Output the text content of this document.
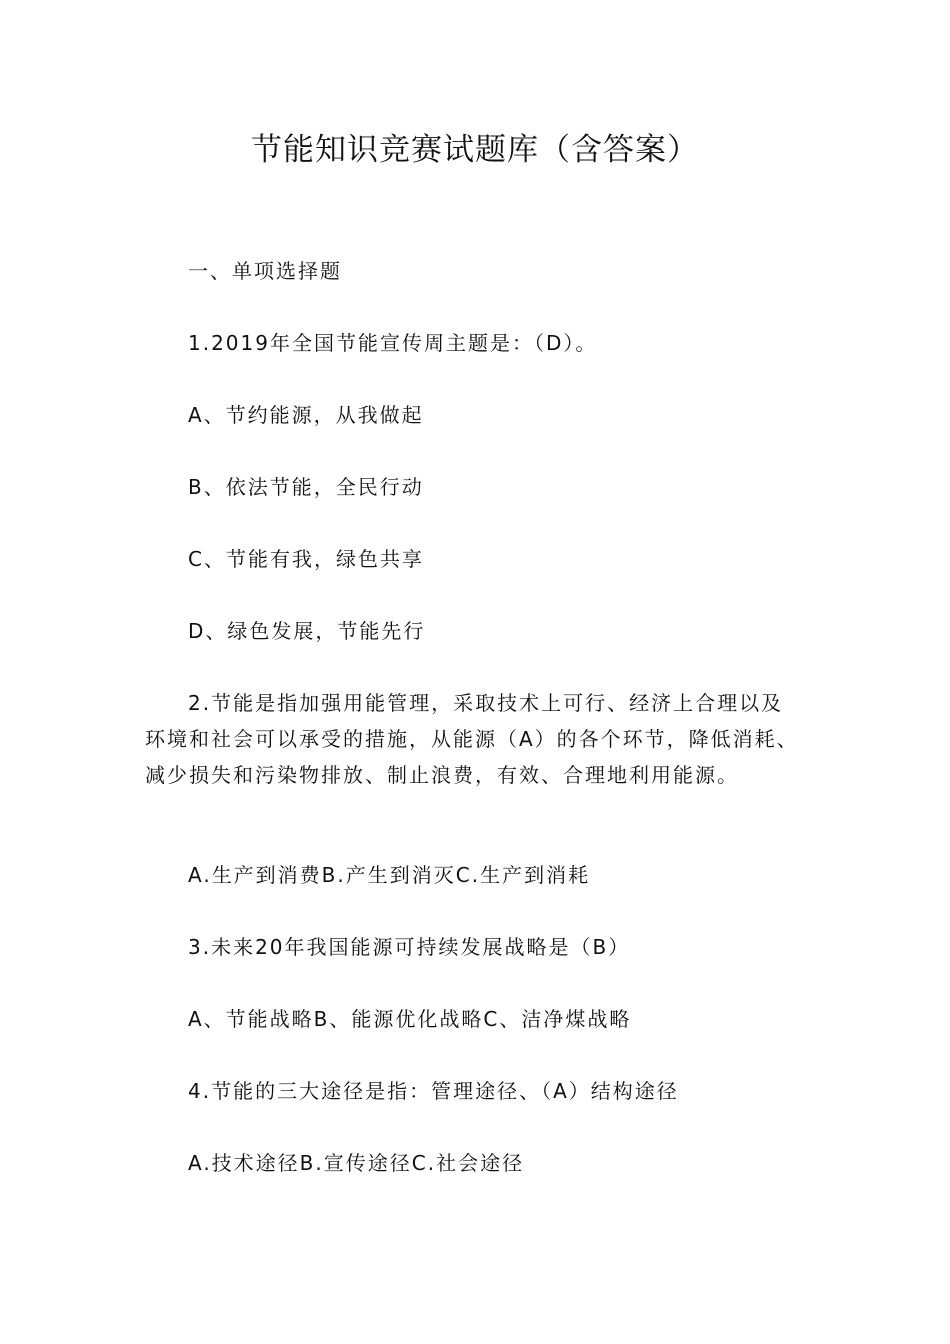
节能知识竞赛试题库（含答案）

一、单项选择题

1.2019年全国节能宣传周主题是：（D）。

A、节约能源，从我做起

B、依法节能，全民行动

C、节能有我，绿色共享

D、绿色发展，节能先行

2.节能是指加强用能管理，采取技术上可行、经济上合理以及环境和社会可以承受的措施，从能源（A）的各个环节，降低消耗、减少损失和污染物排放、制止浪费，有效、合理地利用能源。

A.生产到消费B.产生到消灭C.生产到消耗

3.未来20年我国能源可持续发展战略是（B）

A、节能战略B、能源优化战略C、洁净煤战略

4.节能的三大途径是指：管理途径、（A）结构途径

A.技术途径B.宣传途径C.社会途径
